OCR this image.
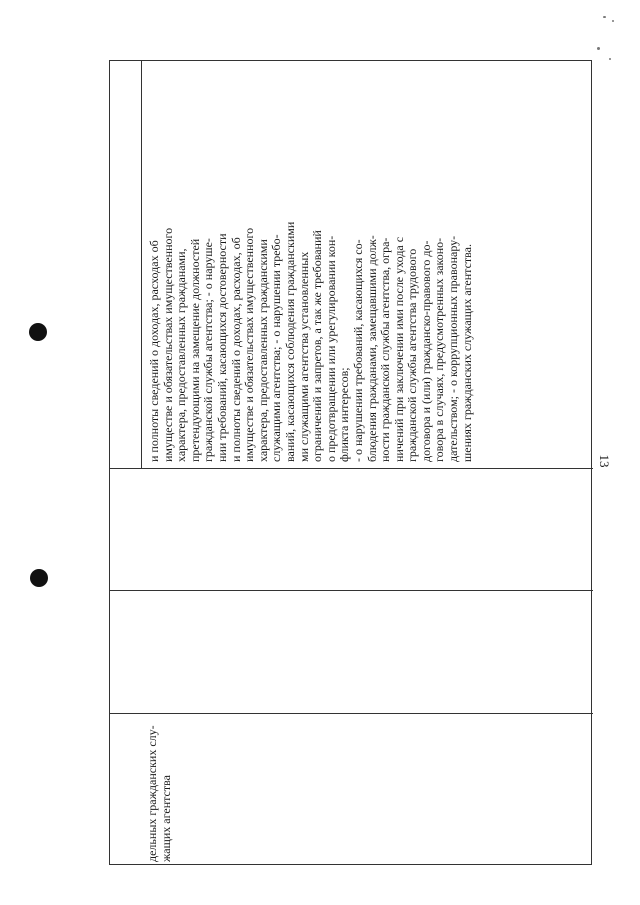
13
дельных гражданских слу- жащих агентства
и полноты сведений о доходах, расходах об имуществе и обязательствах имущественного характера, предоставленных гражданами, претендующими на замещение должностей гражданской службы агентства; - о наруше- нии требований, касающихся достоверности и полноты сведений о доходах, расходах, об имуществе и обязательствах имущественного характера, предоставленных гражданскими служащими агентства; - о нарушении требо- ваний, касающихся соблюдения гражданскими ми служащими агентства установленных ограничений и запретов, а так же требований о предотвращении или урегулировании кон- фликта интересов; - о нарушении требований, касающихся со- блюдения гражданами, замещавшими долж- ности гражданской службы агентства, огра- ничений при заключении ими после ухода с гражданской службы агентства трудового договора и (или) гражданско-правового до- говора в случаях, предусмотренных законо- дательством; - о коррупционных правонару- шениях гражданских служащих агентства.
